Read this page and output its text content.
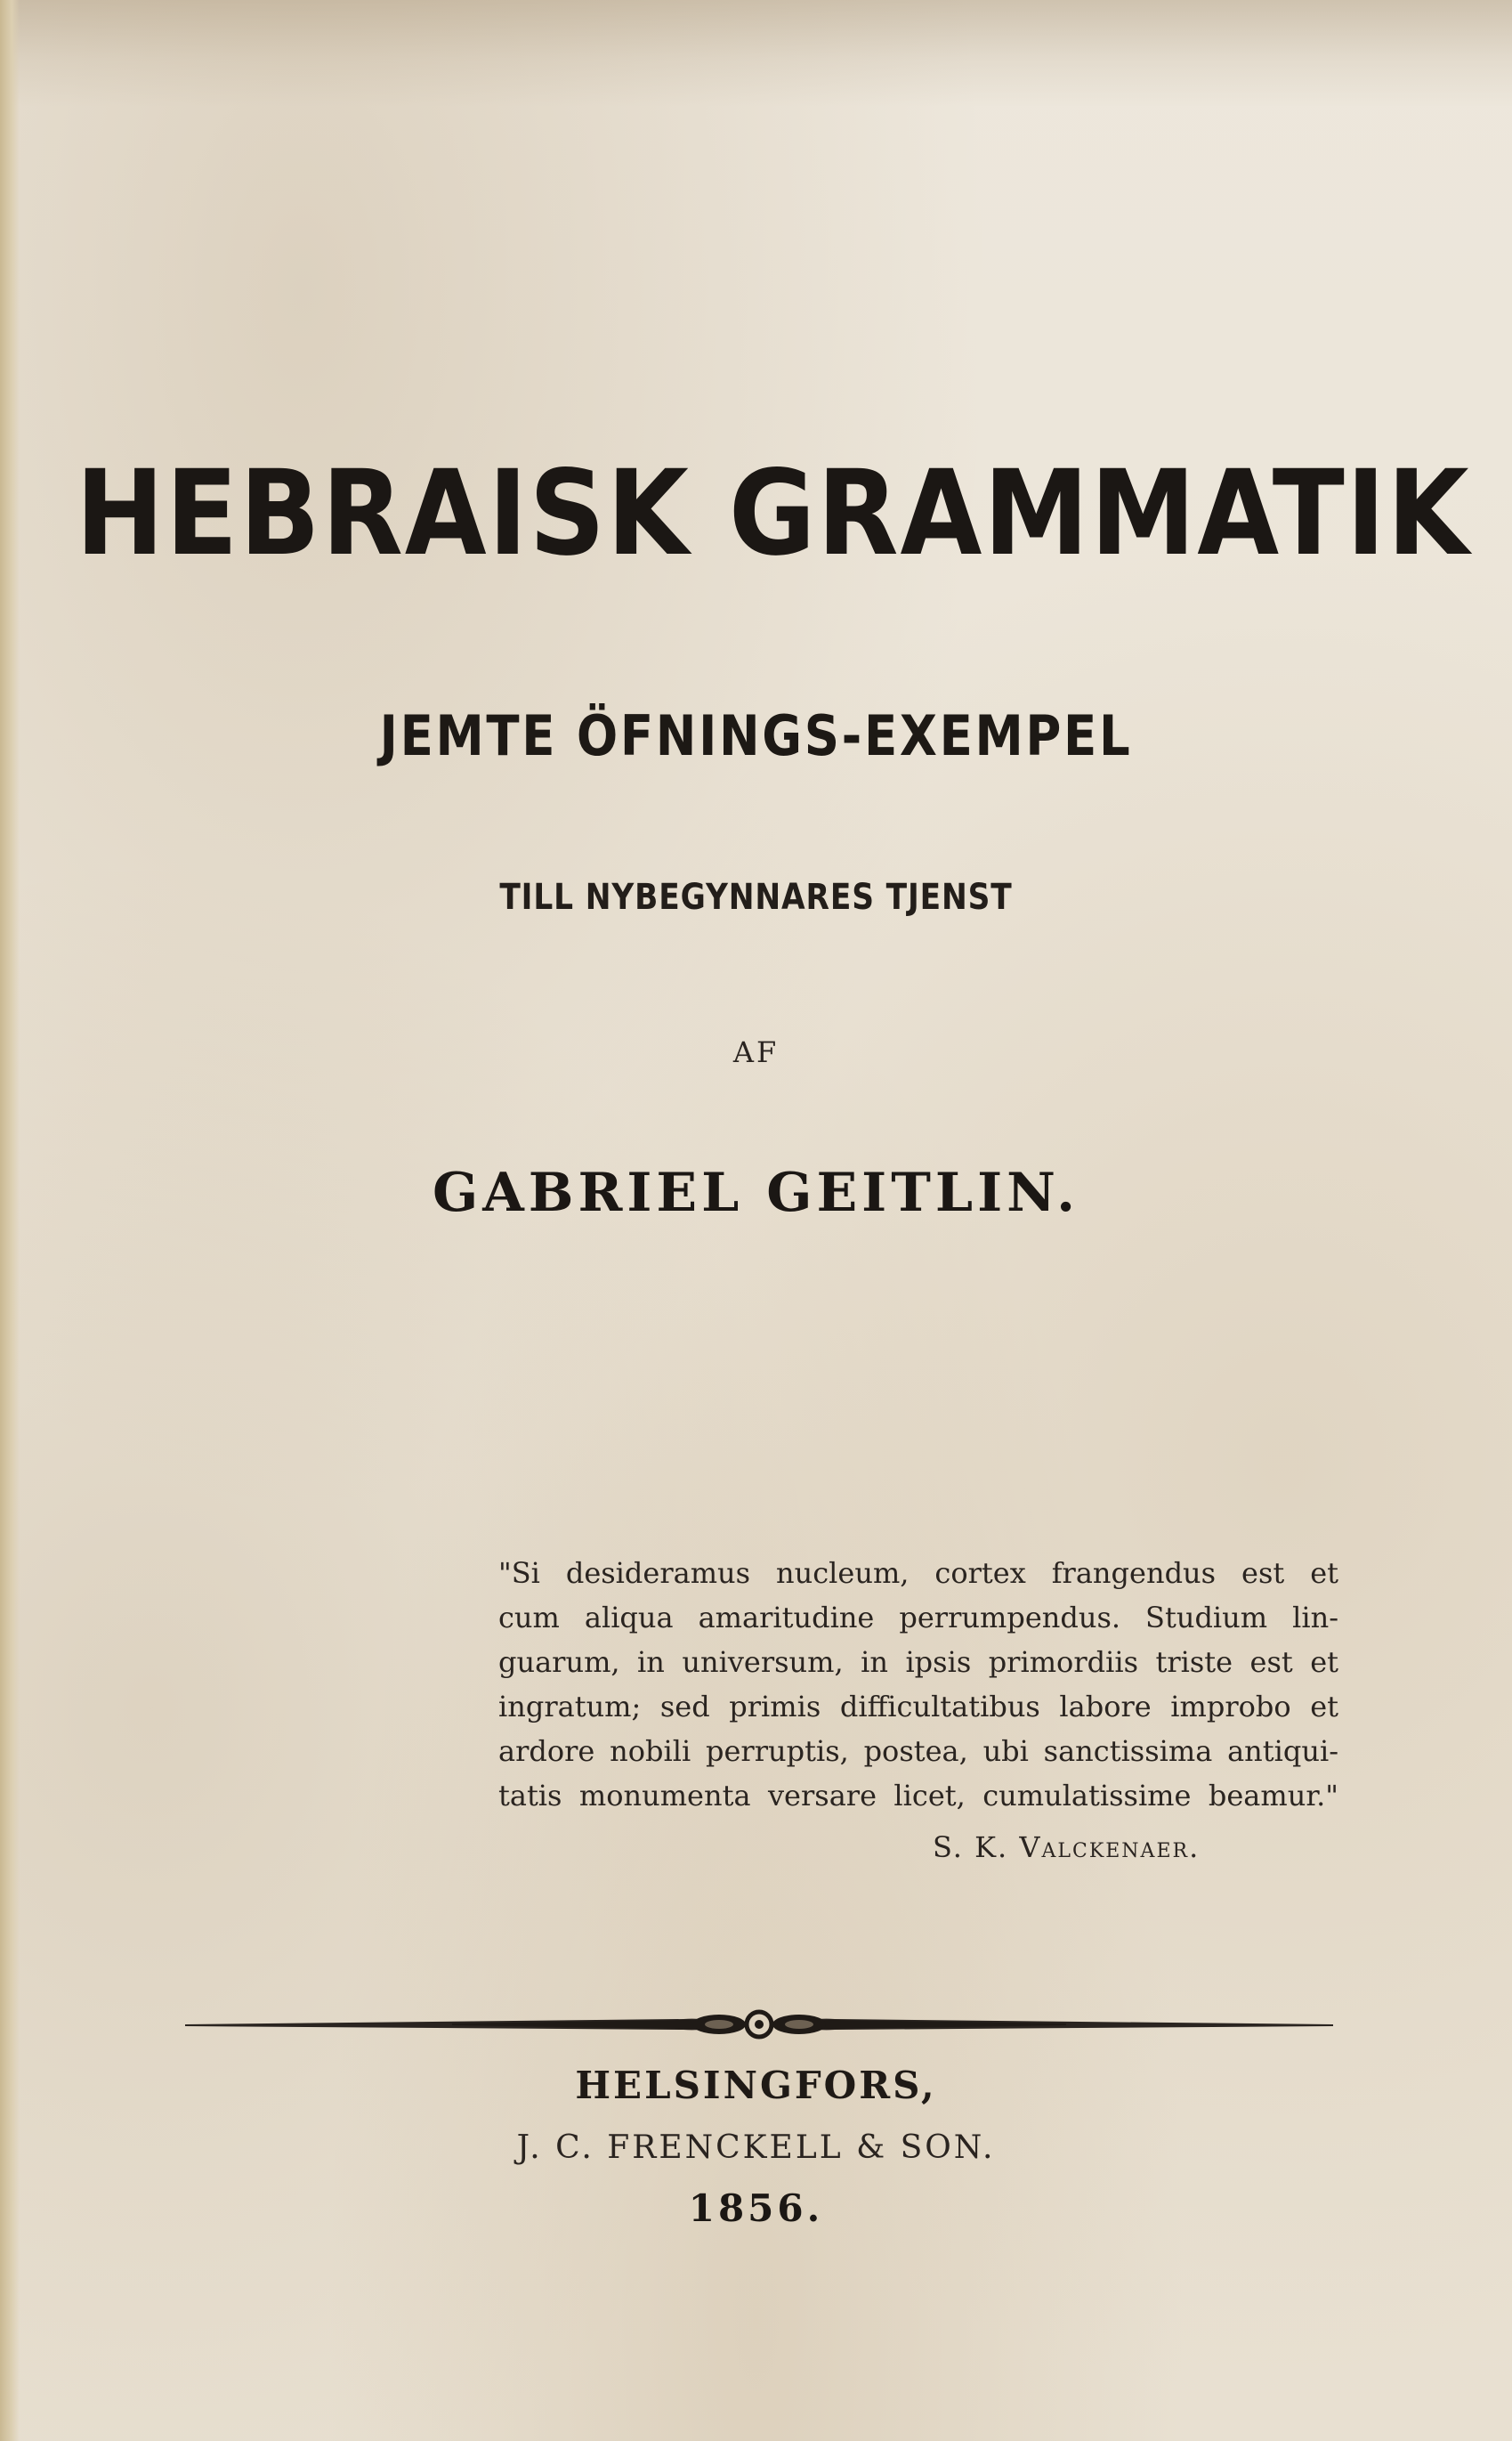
HEBRAISK GRAMMATIK
JEMTE ÖFNINGS-EXEMPEL
TILL NYBEGYNNARES TJENST
AF
GABRIEL GEITLIN.
"Si desideramus nucleum, cortex frangendus est et
cum aliqua amaritudine perrumpendus. Studium lin-
guarum, in universum, in ipsis primordiis triste est et
ingratum; sed primis difficultatibus labore improbo et
ardore nobili perruptis, postea, ubi sanctissima antiqui-
tatis monumenta versare licet, cumulatissime beamur."
S. K. Valckenaer.
HELSINGFORS,
J. C. FRENCKELL & SON.
1856.
